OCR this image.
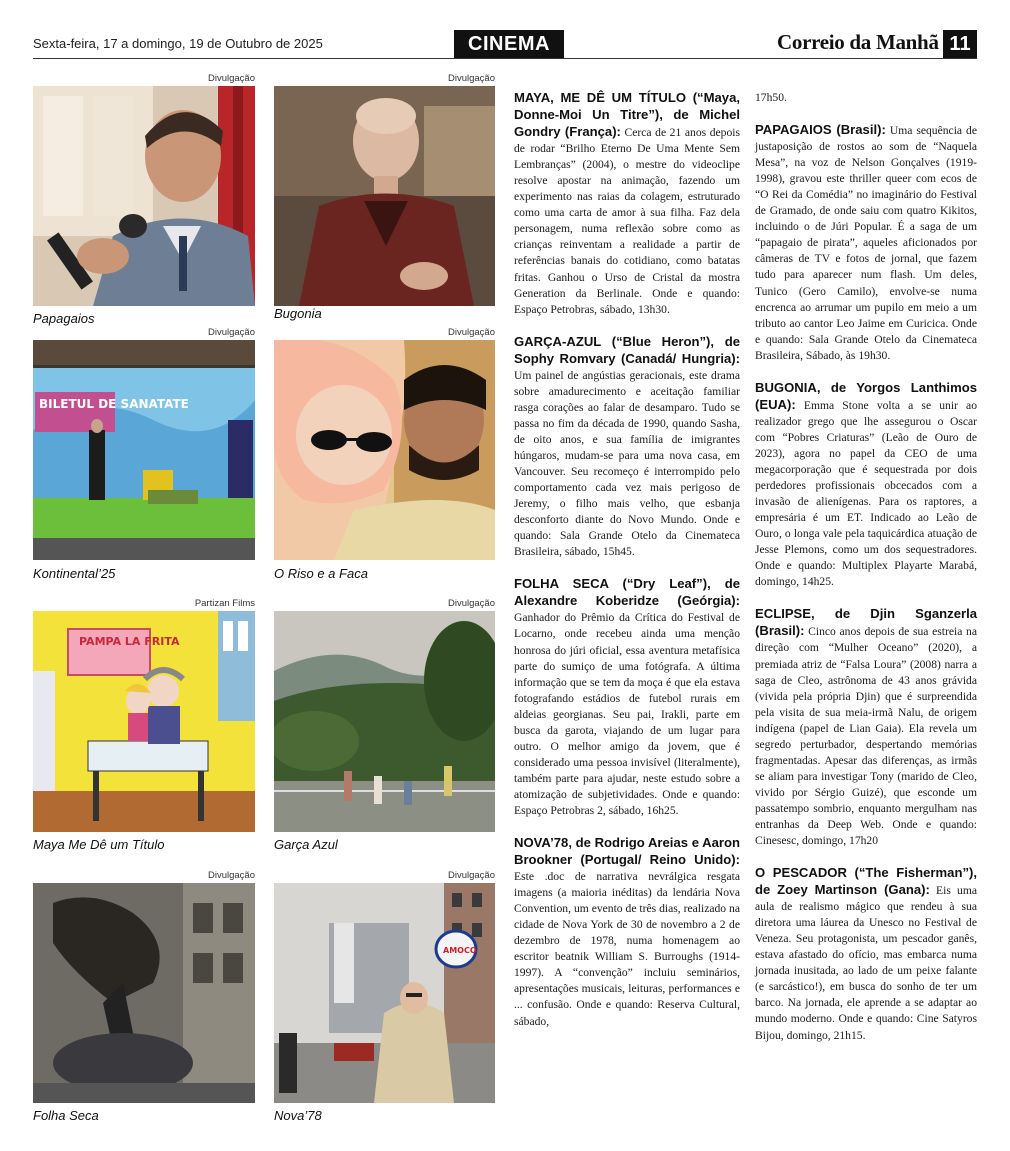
Sexta-feira, 17 a domingo, 19 de Outubro de 2025	CINEMA	Correio da Manhã 11
Divulgação
Papagaios
Divulgação
Bugonia
Divulgação
BILETUL DE SANATATE
Kontinental’25
Divulgação
O Riso e a Faca
Partizan Films
PAMPA LA FRITA
Maya Me Dê um Título
Divulgação
Garça Azul
Divulgação
Folha Seca
Divulgação
AMOCO
Nova’78
MAYA, ME DÊ UM TÍTULO (“Maya, Donne-Moi Un Titre”), de Michel Gondry (França): Cerca de 21 anos depois de rodar “Brilho Eterno De Uma Mente Sem Lembranças” (2004), o mestre do videoclipe resolve apostar na animação, fazendo um experimento nas raias da colagem, estruturado como uma carta de amor à sua filha. Faz dela personagem, numa reflexão sobre como as crianças reinventam a realidade a partir de referências banais do cotidiano, como batatas fritas. Ganhou o Urso de Cristal da mostra Generation da Berlinale. Onde e quando: Espaço Petrobras, sábado, 13h30.
GARÇA-AZUL (“Blue Heron”), de Sophy Romvary (Canadá/ Hungria): Um painel de angústias geracionais, este drama sobre amadurecimento e aceitação familiar rasga corações ao falar de desamparo. Tudo se passa no fim da década de 1990, quando Sasha, de oito anos, e sua família de imigrantes húngaros, mudam-se para uma nova casa, em Vancouver. Seu recomeço é interrompido pelo comportamento cada vez mais perigoso de Jeremy, o filho mais velho, que esbanja desconforto diante do Novo Mundo. Onde e quando: Sala Grande Otelo da Cinemateca Brasileira, sábado, 15h45.
FOLHA SECA (“Dry Leaf”), de Alexandre Koberidze (Geórgia): Ganhador do Prêmio da Crítica do Festival de Locarno, onde recebeu ainda uma menção honrosa do júri oficial, essa aventura metafísica parte do sumiço de uma fotógrafa. A última informação que se tem da moça é que ela estava fotografando estádios de futebol rurais em aldeias georgianas. Seu pai, Irakli, parte em busca da garota, viajando de um lugar para outro. O melhor amigo da jovem, que é considerado uma pessoa invisível (literalmente), também parte para ajudar, neste estudo sobre a atomização de subjetividades. Onde e quando: Espaço Petrobras 2, sábado, 16h25.
NOVA’78, de Rodrigo Areias e Aaron Brookner (Portugal/ Reino Unido): Este .doc de narrativa nevrálgica resgata imagens (a maioria inéditas) da lendária Nova Convention, um evento de três dias, realizado na cidade de Nova York de 30 de novembro a 2 de dezembro de 1978, numa homenagem ao escritor beatnik William S. Burroughs (1914-1997). A “convenção” incluiu seminários, apresentações musicais, leituras, performances e ... confusão. Onde e quando: Reserva Cultural, sábado,
17h50.
PAPAGAIOS (Brasil): Uma sequência de justaposição de rostos ao som de “Naquela Mesa”, na voz de Nelson Gonçalves (1919-1998), gravou este thriller queer com ecos de “O Rei da Comédia” no imaginário do Festival de Gramado, de onde saiu com quatro Kikitos, incluindo o de Júri Popular. É a saga de um “papagaio de pirata”, aqueles aficionados por câmeras de TV e fotos de jornal, que fazem tudo para aparecer num flash. Um deles, Tunico (Gero Camilo), envolve-se numa encrenca ao arrumar um pupilo em meio a um tributo ao cantor Leo Jaime em Curicica. Onde e quando: Sala Grande Otelo da Cinemateca Brasileira, Sábado, às 19h30.
BUGONIA, de Yorgos Lanthimos (EUA): Emma Stone volta a se unir ao realizador grego que lhe assegurou o Oscar com “Pobres Criaturas” (Leão de Ouro de 2023), agora no papel da CEO de uma megacorporação que é sequestrada por dois perdedores profissionais obcecados com a invasão de alienígenas. Para os raptores, a empresária é um ET. Indicado ao Leão de Ouro, o longa vale pela taquicárdica atuação de Jesse Plemons, como um dos sequestradores. Onde e quando: Multiplex Playarte Marabá, domingo, 14h25.
ECLIPSE, de Djin Sganzerla (Brasil): Cinco anos depois de sua estreia na direção com “Mulher Oceano” (2020), a premiada atriz de “Falsa Loura” (2008) narra a saga de Cleo, astrônoma de 43 anos grávida (vivida pela própria Djin) que é surpreendida pela visita de sua meia-irmã Nalu, de origem indígena (papel de Lian Gaia). Ela revela um segredo perturbador, despertando memórias fragmentadas. Apesar das diferenças, as irmãs se aliam para investigar Tony (marido de Cleo, vivido por Sérgio Guizé), que esconde um passatempo sombrio, enquanto mergulham nas entranhas da Deep Web. Onde e quando: Cinesesc, domingo, 17h20
O PESCADOR (“The Fisherman”), de Zoey Martinson (Gana): Eis uma aula de realismo mágico que rendeu à sua diretora uma láurea da Unesco no Festival de Veneza. Seu protagonista, um pescador ganês, estava afastado do ofício, mas embarca numa jornada inusitada, ao lado de um peixe falante (e sarcástico!), em busca do sonho de ter um barco. Na jornada, ele aprende a se adaptar ao mundo moderno. Onde e quando: Cine Satyros Bijou, domingo, 21h15.
